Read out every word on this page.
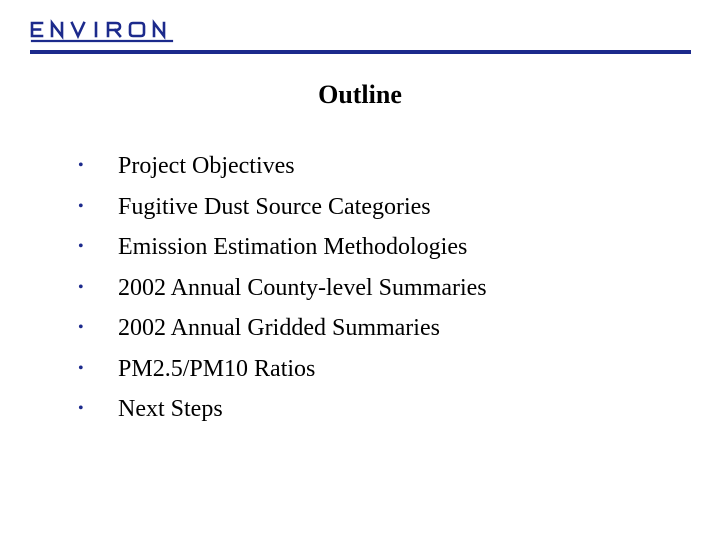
Outline
•	Project Objectives
•	Fugitive Dust Source Categories
•	Emission Estimation Methodologies
•	2002 Annual County-level Summaries
•	2002 Annual Gridded Summaries
•	PM2.5/PM10 Ratios
•	Next Steps
